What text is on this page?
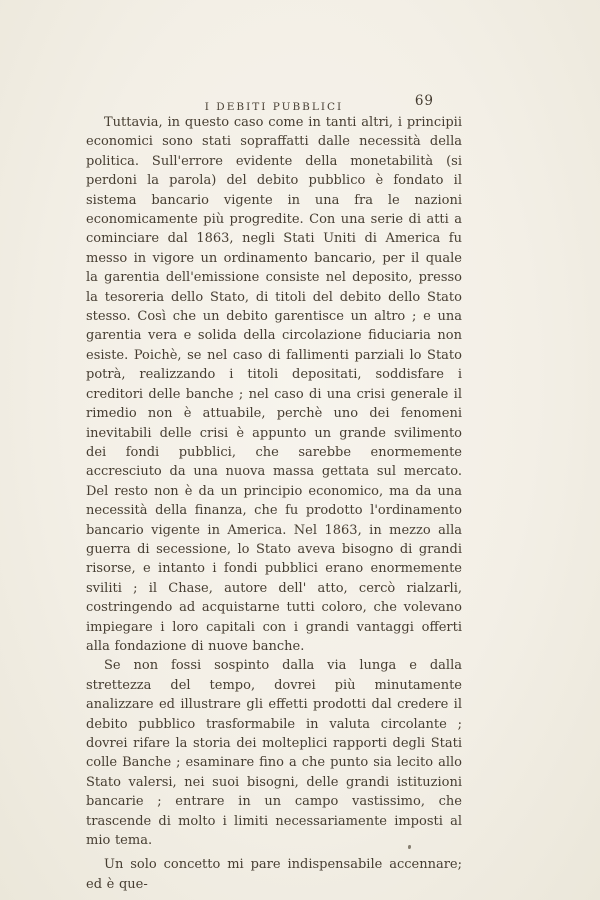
I DEBITI PUBBLICI	69

Tuttavia, in questo caso come in tanti altri, i principii economici sono stati sopraffatti dalle necessità della politica. Sull'errore evidente della monetabilità (si perdoni la parola) del debito pubblico è fondato il sistema bancario vigente in una fra le nazioni economicamente più progredite. Con una serie di atti a cominciare dal 1863, negli Stati Uniti di America fu messo in vigore un ordinamento bancario, per il quale la garentia dell'emissione consiste nel deposito, presso la tesoreria dello Stato, di titoli del debito dello Stato stesso. Così che un debito garentisce un altro ; e una garentia vera e solida della circolazione fiduciaria non esiste. Poichè, se nel caso di fallimenti parziali lo Stato potrà, realizzando i titoli depositati, soddisfare i creditori delle banche ; nel caso di una crisi generale il rimedio non è attuabile, perchè uno dei fenomeni inevitabili delle crisi è appunto un grande svilimento dei fondi pubblici, che sarebbe enormemente accresciuto da una nuova massa gettata sul mercato. Del resto non è da un principio economico, ma da una necessità della finanza, che fu prodotto l'ordinamento bancario vigente in America. Nel 1863, in mezzo alla guerra di secessione, lo Stato aveva bisogno di grandi risorse, e intanto i fondi pubblici erano enormemente sviliti ; il Chase, autore dell' atto, cercò rialzarli, costringendo ad acquistarne tutti coloro, che volevano impiegare i loro capitali con i grandi vantaggi offerti alla fondazione di nuove banche.

Se non fossi sospinto dalla via lunga e dalla strettezza del tempo, dovrei più minutamente analizzare ed illustrare gli effetti prodotti dal credere il debito pubblico trasformabile in valuta circolante ; dovrei rifare la storia dei molteplici rapporti degli Stati colle Banche ; esaminare fino a che punto sia lecito allo Stato valersi, nei suoi bisogni, delle grandi istituzioni bancarie ; entrare in un campo vastissimo, che trascende di molto i limiti necessariamente imposti al mio tema.

Un solo concetto mi pare indispensabile accennare; ed è que-
